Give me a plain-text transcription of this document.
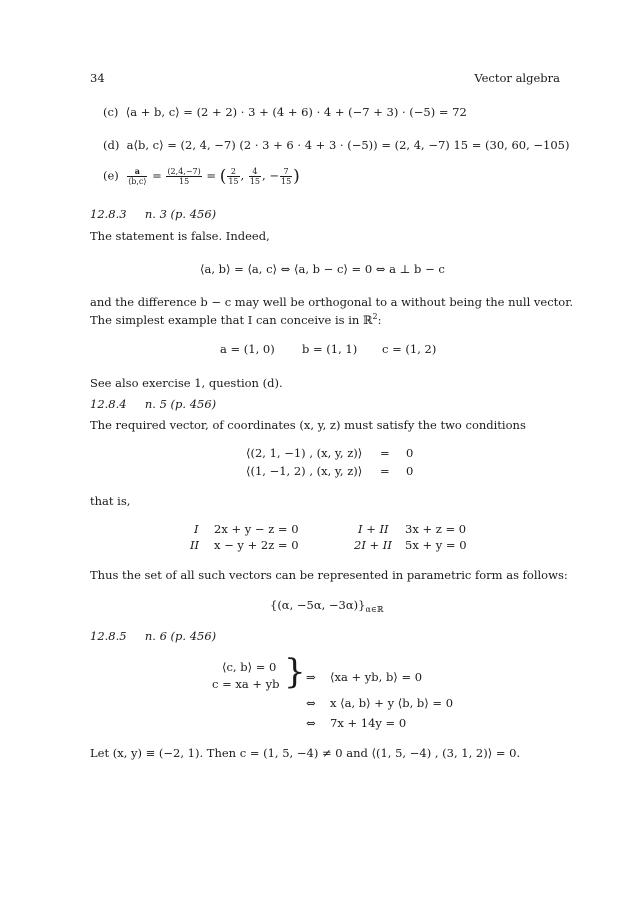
34	Vector algebra
(c) ⟨a + b, c⟩ = (2 + 2) · 3 + (4 + 6) · 4 + (−7 + 3) · (−5) = 72
(d) a⟨b, c⟩ = (2, 4, −7) (2 · 3 + 6 · 4 + 3 · (−5)) = (2, 4, −7) 15 = (30, 60, −105)
$(e) \frac{a}{⟨b,c⟩} = \frac{(2,4,-7)}{15}$ = ( $\frac{2}{15}$ , $\frac{4}{15}$ , − $\frac{7}{15}$ )
12.8.3 n. 3 (p. 456)
The statement is false. Indeed,
⟨a, b⟩ = ⟨a, c⟩ ⇔ ⟨a, b − c⟩ = 0 ⇔ a ⊥ b − c
and the difference b − c may well be orthogonal to a without being the null vector.
The simplest example that I can conceive is in ℝ$^2$:
a = (1, 0) b = (1, 1) c = (1, 2)
See also exercise 1, question (d).
12.8.4 n. 5 (p. 456)
The required vector, of coordinates (x, y, z) must satisfy the two conditions
⟨(2, 1, −1) , (x, y, z)⟩ = 0
⟨(1, −1, 2) , (x, y, z)⟩ = 0
that is,
I 2x + y − z = 0
II x − y + 2z = 0
I + II 3x + z = 0
2I + II 5x + y = 0
Thus the set of all such vectors can be represented in parametric form as follows:
{(α, −5α, $-3\alpha)\}_{\alpha\in ℝ}$
12.8.5 n. 6 (p. 456)
⟨c, b⟩ = 0
c = xa + yb } ⇒ ⟨xa + yb, b⟩ = 0
⇔ x ⟨a, b⟩ + y ⟨b, b⟩ = 0
⇔ 7x + 14y = 0
Let (x, y) ≡ (−2, 1). Then c = (1, 5, −4) ≠ 0 and ⟨(1, 5, −4) , (3, 1, 2)⟩ = 0.
